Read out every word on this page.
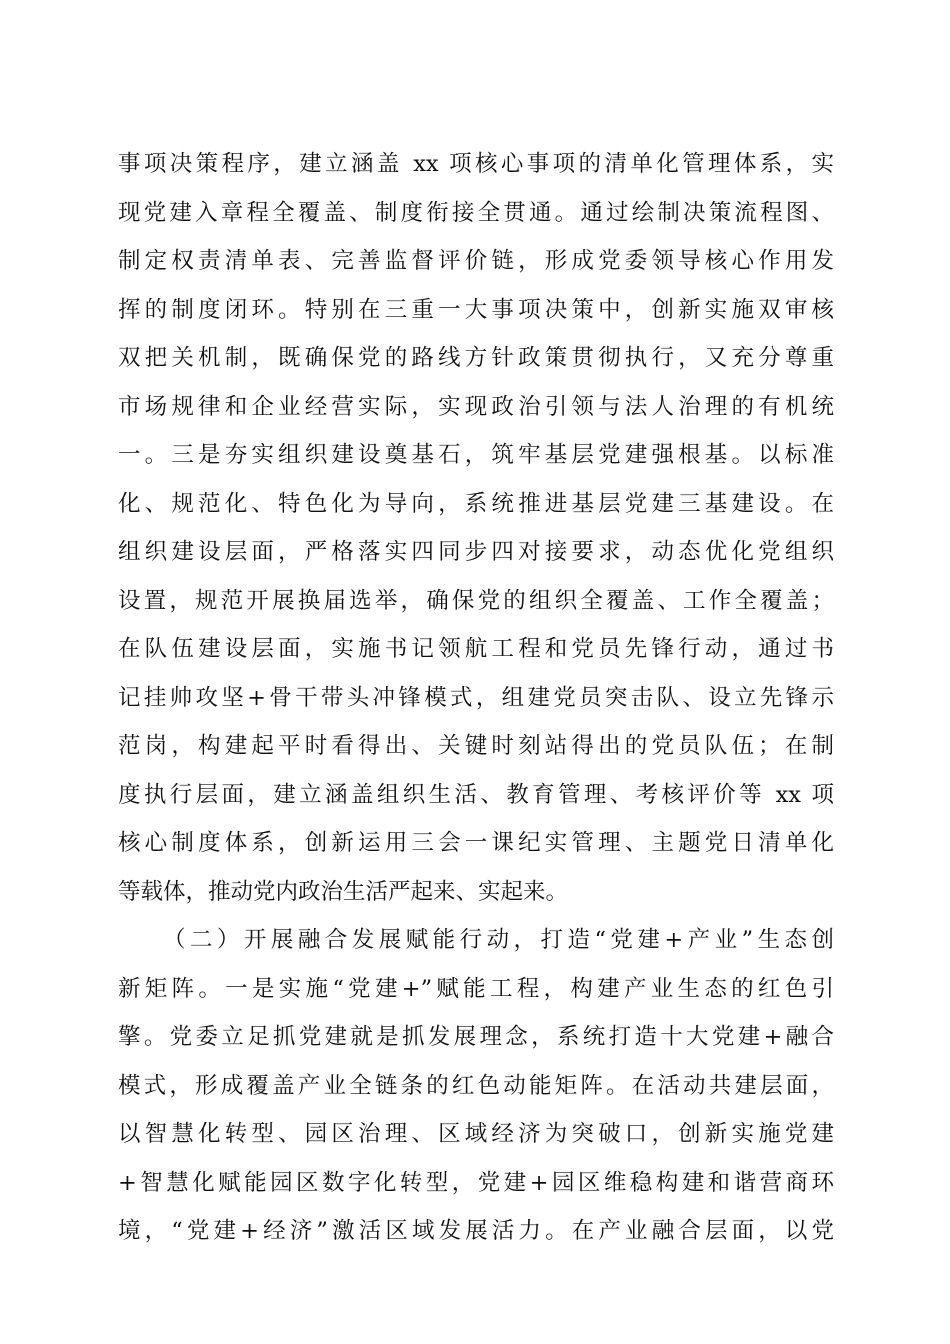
事项决策程序，建立涵盖 xx 项核心事项的清单化管理体系，实
现党建入章程全覆盖、制度衔接全贯通。通过绘制决策流程图、
制定权责清单表、完善监督评价链，形成党委领导核心作用发
挥的制度闭环。特别在三重一大事项决策中，创新实施双审核
双把关机制，既确保党的路线方针政策贯彻执行，又充分尊重
市场规律和企业经营实际，实现政治引领与法人治理的有机统
一。三是夯实组织建设奠基石，筑牢基层党建强根基。以标准
化、规范化、特色化为导向，系统推进基层党建三基建设。在
组织建设层面，严格落实四同步四对接要求，动态优化党组织
设置，规范开展换届选举，确保党的组织全覆盖、工作全覆盖；
在队伍建设层面，实施书记领航工程和党员先锋行动，通过书
记挂帅攻坚+骨干带头冲锋模式，组建党员突击队、设立先锋示
范岗，构建起平时看得出、关键时刻站得出的党员队伍；在制
度执行层面，建立涵盖组织生活、教育管理、考核评价等 xx 项
核心制度体系，创新运用三会一课纪实管理、主题党日清单化
等载体，推动党内政治生活严起来、实起来。
（二）开展融合发展赋能行动，打造“党建+产业”生态创
新矩阵。一是实施“党建+”赋能工程，构建产业生态的红色引
擎。党委立足抓党建就是抓发展理念，系统打造十大党建+融合
模式，形成覆盖产业全链条的红色动能矩阵。在活动共建层面，
以智慧化转型、园区治理、区域经济为突破口，创新实施党建
+智慧化赋能园区数字化转型，党建+园区维稳构建和谐营商环
境，“党建+经济”激活区域发展活力。在产业融合层面，以党
